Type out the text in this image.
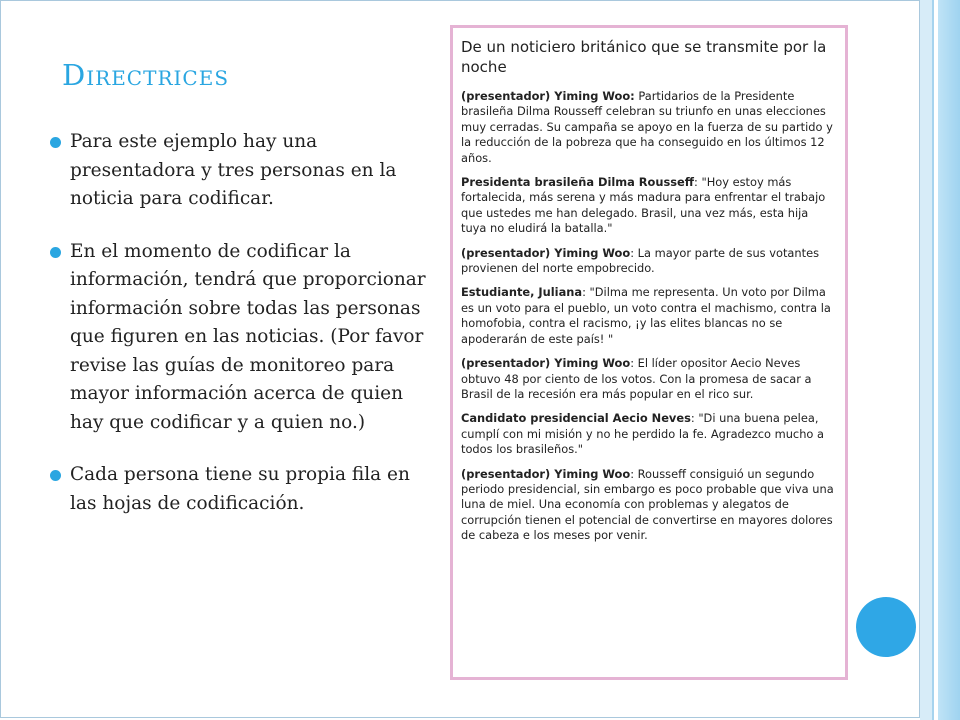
Directrices
Para este ejemplo hay una presentadora y tres personas en la noticia para codificar.
En el momento de codificar la información, tendrá que proporcionar información sobre todas las personas que figuren en las noticias. (Por favor revise las guías de monitoreo para mayor información acerca de quien hay que codificar y a quien no.)
Cada persona tiene su propia fila en las hojas de codificación.

De un noticiero británico que se transmite por la noche

(presentador) Yiming Woo: Partidarios de la Presidente brasileña Dilma Rousseff celebran su triunfo en unas elecciones muy cerradas. Su campaña se apoyo en la fuerza de su partido y la reducción de la pobreza que ha conseguido en los últimos 12 años.

Presidenta brasileña Dilma Rousseff: "Hoy estoy más fortalecida, más serena y más madura para enfrentar el trabajo que ustedes me han delegado. Brasil, una vez más, esta hija tuya no eludirá la batalla."

(presentador) Yiming Woo: La mayor parte de sus votantes provienen del norte empobrecido.

Estudiante, Juliana: "Dilma me representa. Un voto por Dilma es un voto para el pueblo, un voto contra el machismo, contra la homofobia, contra el racismo, ¡y las elites blancas no se apoderarán de este país! "

(presentador) Yiming Woo: El líder opositor Aecio Neves obtuvo 48 por ciento de los votos. Con la promesa de sacar a Brasil de la recesión era más popular en el rico sur.

Candidato presidencial Aecio Neves: "Di una buena pelea, cumplí con mi misión y no he perdido la fe. Agradezco mucho a todos los brasileños."

(presentador) Yiming Woo: Rousseff consiguió un segundo periodo presidencial, sin embargo es poco probable que viva una luna de miel. Una economía con problemas y alegatos de corrupción tienen el potencial de convertirse en mayores dolores de cabeza e los meses por venir.
